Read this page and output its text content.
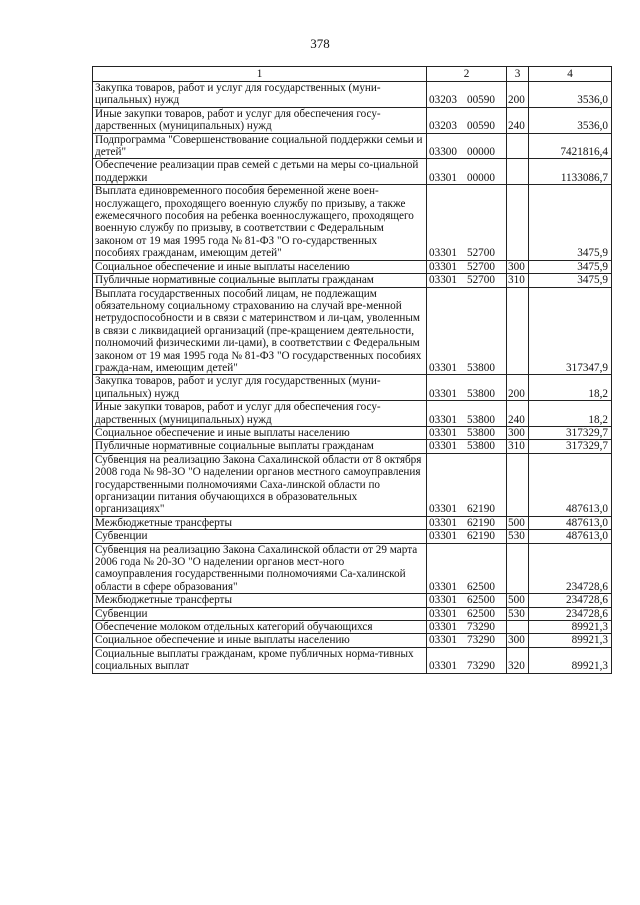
378
1	2	3	4
Закупка товаров, работ и услуг для государственных (муни-ципальных) нужд	03203 00590	200	3536,0
Иные закупки товаров, работ и услуг для обеспечения госу-дарственных (муниципальных) нужд	03203 00590	240	3536,0
Подпрограмма "Совершенствование социальной поддержки семьи и детей"	03300 00000		7421816,4
Обеспечение реализации прав семей с детьми на меры со-циальной поддержки	03301 00000		1133086,7
Выплата единовременного пособия беременной жене воен-нослужащего, проходящего военную службу по призыву, а также ежемесячного пособия на ребенка военнослужащего, проходящего военную службу по призыву, в соответствии с Федеральным законом от 19 мая 1995 года № 81-ФЗ "О го-сударственных пособиях гражданам, имеющим детей"	03301 52700		3475,9
Социальное обеспечение и иные выплаты населению	03301 52700	300	3475,9
Публичные нормативные социальные выплаты гражданам	03301 52700	310	3475,9
Выплата государственных пособий лицам, не подлежащим обязательному социальному страхованию на случай вре-менной нетрудоспособности и в связи с материнством и ли-цам, уволенным в связи с ликвидацией организаций (пре-кращением деятельности, полномочий физическими ли-цами), в соответствии с Федеральным законом от 19 мая 1995 года № 81-ФЗ "О государственных пособиях гражда-нам, имеющим детей"	03301 53800		317347,9
Закупка товаров, работ и услуг для государственных (муни-ципальных) нужд	03301 53800	200	18,2
Иные закупки товаров, работ и услуг для обеспечения госу-дарственных (муниципальных) нужд	03301 53800	240	18,2
Социальное обеспечение и иные выплаты населению	03301 53800	300	317329,7
Публичные нормативные социальные выплаты гражданам	03301 53800	310	317329,7
Субвенция на реализацию Закона Сахалинской области от 8 октября 2008 года № 98-ЗО "О наделении органов местного самоуправления государственными полномочиями Саха-линской области по организации питания обучающихся в образовательных организациях"	03301 62190		487613,0
Межбюджетные трансферты	03301 62190	500	487613,0
Субвенции	03301 62190	530	487613,0
Субвенция на реализацию Закона Сахалинской области от 29 марта 2006 года № 20-ЗО "О наделении органов мест-ного самоуправления государственными полномочиями Са-халинской области в сфере образования"	03301 62500		234728,6
Межбюджетные трансферты	03301 62500	500	234728,6
Субвенции	03301 62500	530	234728,6
Обеспечение молоком отдельных категорий обучающихся	03301 73290		89921,3
Социальное обеспечение и иные выплаты населению	03301 73290	300	89921,3
Социальные выплаты гражданам, кроме публичных норма-тивных социальных выплат	03301 73290	320	89921,3
